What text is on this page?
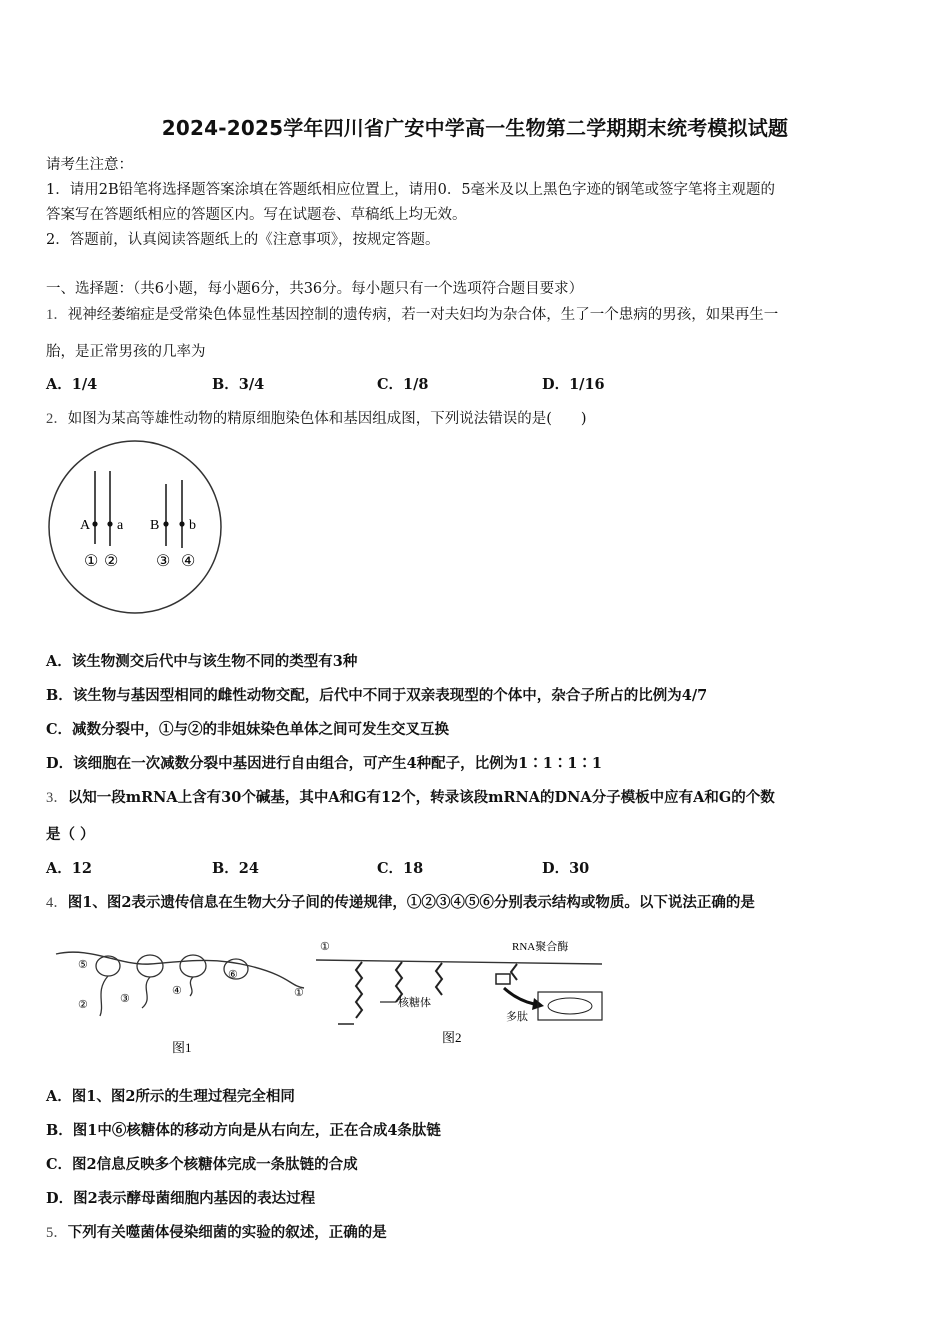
2024-2025学年四川省广安中学高一生物第二学期期末统考模拟试题
请考生注意：
1．请用2B铅笔将选择题答案涂填在答题纸相应位置上，请用0．5毫米及以上黑色字迹的钢笔或签字笔将主观题的
答案写在答题纸相应的答题区内。写在试题卷、草稿纸上均无效。
2．答题前，认真阅读答题纸上的《注意事项》，按规定答题。
一、选择题：（共6小题，每小题6分，共36分。每小题只有一个选项符合题目要求）
1．视神经萎缩症是受常染色体显性基因控制的遗传病，若一对夫妇均为杂合体，生了一个患病的男孩，如果再生一
胎，是正常男孩的几率为
A．1/4	B．3/4	C．1/8	D．1/16
2．如图为某高等雄性动物的精原细胞染色体和基因组成图，下列说法错误的是(　　)
A a B b
① ② ③ ④
A．该生物测交后代中与该生物不同的类型有3种
B．该生物与基因型相同的雌性动物交配，后代中不同于双亲表现型的个体中，杂合子所占的比例为4/7
C．减数分裂中，①与②的非姐妹染色单体之间可发生交叉互换
D．该细胞在一次减数分裂中基因进行自由组合，可产生4种配子，比例为1∶1∶1∶1
3．以知一段mRNA上含有30个碱基，其中A和G有12个，转录该段mRNA的DNA分子模板中应有A和G的个数
是（ ）
A．12	B．24	C．18	D．30
4．图1、图2表示遗传信息在生物大分子间的传递规律，①②③④⑤⑥分别表示结构或物质。以下说法正确的是
⑤
②	③
④
⑥
①
图1
①	RNA聚合酶
核糖体
多肽
图2
A．图1、图2所示的生理过程完全相同
B．图1中⑥核糖体的移动方向是从右向左，正在合成4条肽链
C．图2信息反映多个核糖体完成一条肽链的合成
D．图2表示酵母菌细胞内基因的表达过程
5．下列有关噬菌体侵染细菌的实验的叙述，正确的是
